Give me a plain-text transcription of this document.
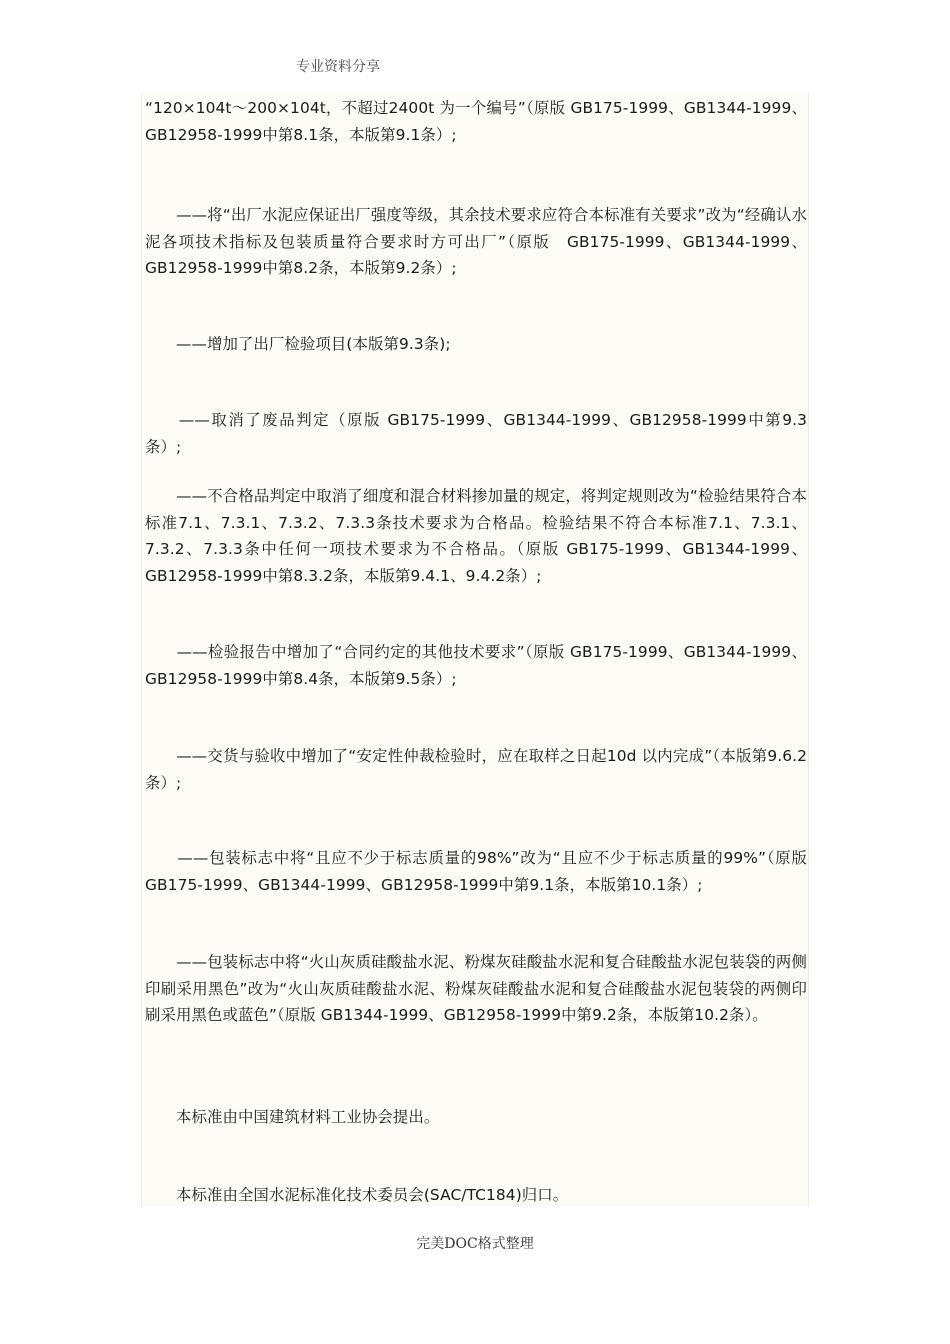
专业资料分享

“120×104t～200×104t，不超过2400t 为一个编号”（原版 GB175-1999、GB1344-1999、GB12958-1999中第8.1条，本版第9.1条）;

　　——将“出厂水泥应保证出厂强度等级，其余技术要求应符合本标准有关要求”改为“经确认水泥各项技术指标及包装质量符合要求时方可出厂”（原版　GB175-1999、GB1344-1999、GB12958-1999中第8.2条，本版第9.2条）;

　　——增加了出厂检验项目(本版第9.3条);

　　——取消了废品判定（原版 GB175-1999、GB1344-1999、GB12958-1999中第9.3条）;

　　——不合格品判定中取消了细度和混合材料掺加量的规定，将判定规则改为“检验结果符合本标准7.1、7.3.1、7.3.2、7.3.3条技术要求为合格品。检验结果不符合本标准7.1、7.3.1、7.3.2、7.3.3条中任何一项技术要求为不合格品。（原版 GB175-1999、GB1344-1999、GB12958-1999中第8.3.2条，本版第9.4.1、9.4.2条）;

　　——检验报告中增加了“合同约定的其他技术要求”（原版 GB175-1999、GB1344-1999、GB12958-1999中第8.4条，本版第9.5条）;

　　——交货与验收中增加了“安定性仲裁检验时，应在取样之日起10d 以内完成”（本版第9.6.2条）;

　　——包装标志中将“且应不少于标志质量的98%”改为“且应不少于标志质量的99%”（原版 GB175-1999、GB1344-1999、GB12958-1999中第9.1条，本版第10.1条）;

　　——包装标志中将“火山灰质硅酸盐水泥、粉煤灰硅酸盐水泥和复合硅酸盐水泥包装袋的两侧印刷采用黑色”改为“火山灰质硅酸盐水泥、粉煤灰硅酸盐水泥和复合硅酸盐水泥包装袋的两侧印刷采用黑色或蓝色”（原版 GB1344-1999、GB12958-1999中第9.2条，本版第10.2条）。

　　本标准由中国建筑材料工业协会提出。

　　本标准由全国水泥标准化技术委员会(SAC/TC184)归口。

完美DOC格式整理
